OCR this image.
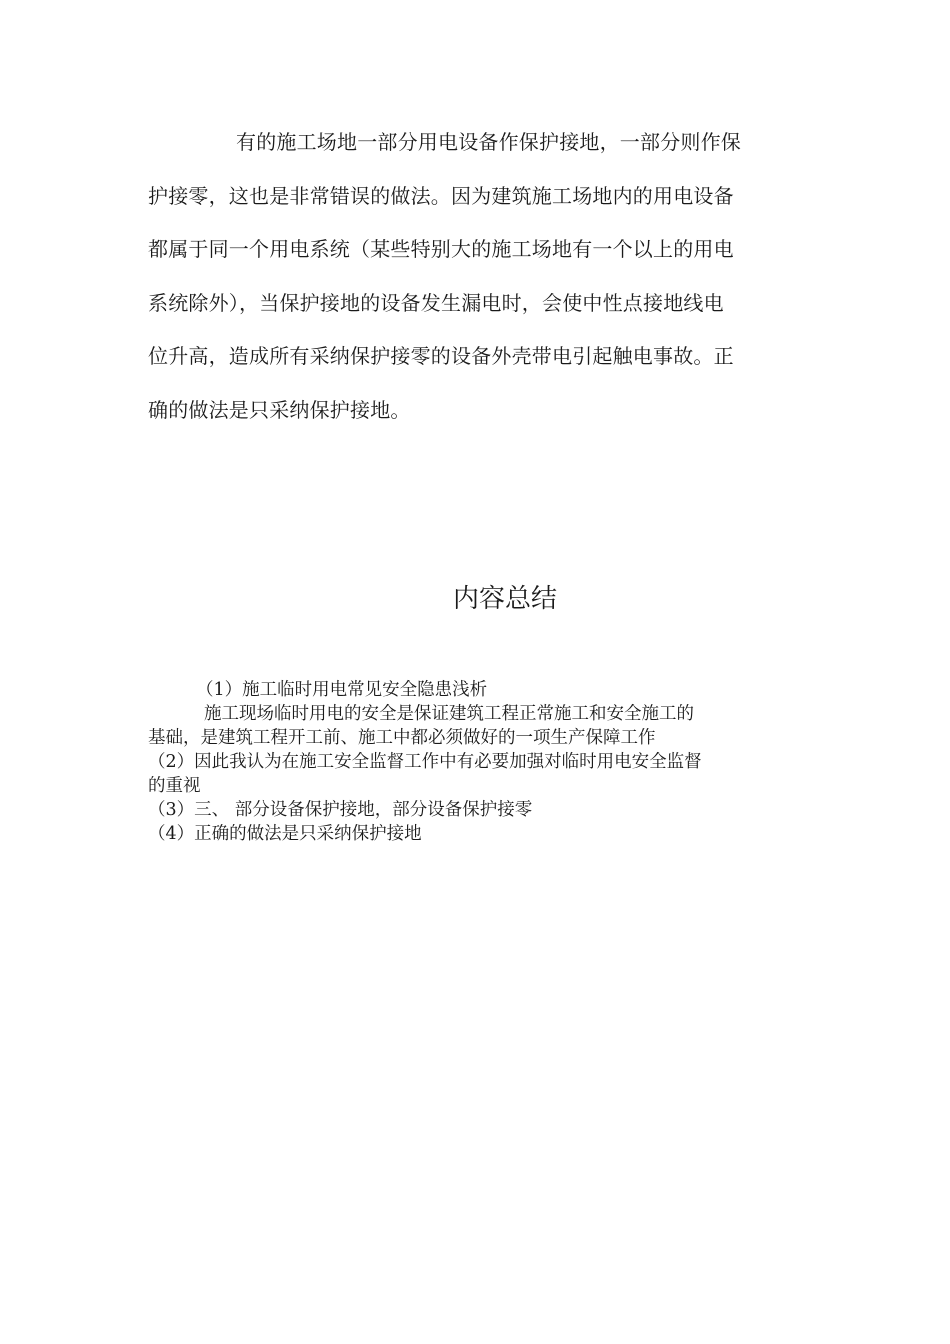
有的施工场地一部分用电设备作保护接地，一部分则作保
护接零，这也是非常错误的做法。因为建筑施工场地内的用电设备
都属于同一个用电系统（某些特别大的施工场地有一个以上的用电
系统除外），当保护接地的设备发生漏电时，会使中性点接地线电
位升高，造成所有采纳保护接零的设备外壳带电引起触电事故。正
确的做法是只采纳保护接地。
内容总结
（1）施工临时用电常见安全隐患浅析
施工现场临时用电的安全是保证建筑工程正常施工和安全施工的
基础，是建筑工程开工前、施工中都必须做好的一项生产保障工作
（2）因此我认为在施工安全监督工作中有必要加强对临时用电安全监督
的重视
（3）三、 部分设备保护接地，部分设备保护接零
（4）正确的做法是只采纳保护接地
